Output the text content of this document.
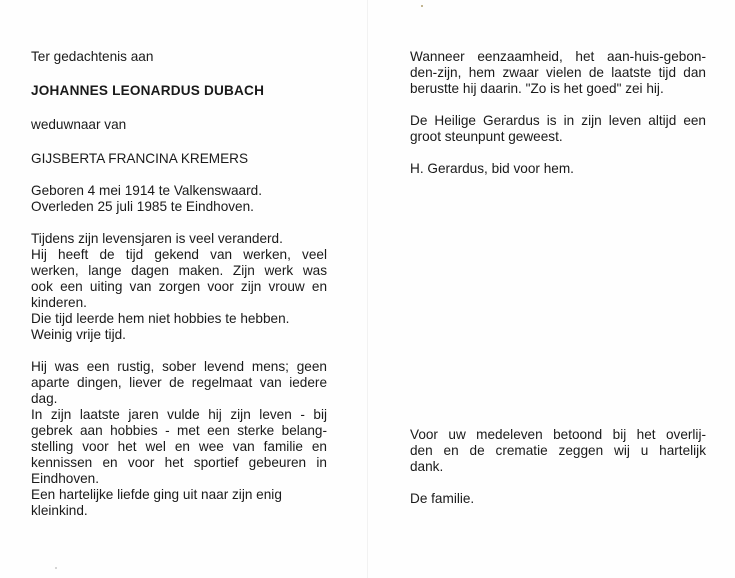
Ter gedachtenis aan
JOHANNES LEONARDUS DUBACH
weduwnaar van
GIJSBERTA FRANCINA KREMERS
Geboren 4 mei 1914 te Valkenswaard.
Overleden 25 juli 1985 te Eindhoven.
Tijdens zijn levensjaren is veel veranderd.
Hij heeft de tijd gekend van werken, veel
werken, lange dagen maken. Zijn werk was
ook een uiting van zorgen voor zijn vrouw en
kinderen.
Die tijd leerde hem niet hobbies te hebben.
Weinig vrije tijd.
Hij was een rustig, sober levend mens; geen
aparte dingen, liever de regelmaat van iedere
dag.
In zijn laatste jaren vulde hij zijn leven - bij
gebrek aan hobbies - met een sterke belang-
stelling voor het wel en wee van familie en
kennissen en voor het sportief gebeuren in
Eindhoven.
Een hartelijke liefde ging uit naar zijn enig
kleinkind.
Wanneer eenzaamheid, het aan-huis-gebon-
den-zijn, hem zwaar vielen de laatste tijd dan
berustte hij daarin. "Zo is het goed" zei hij.
De Heilige Gerardus is in zijn leven altijd een
groot steunpunt geweest.
H. Gerardus, bid voor hem.
Voor uw medeleven betoond bij het overlij-
den en de crematie zeggen wij u hartelijk
dank.
De familie.
